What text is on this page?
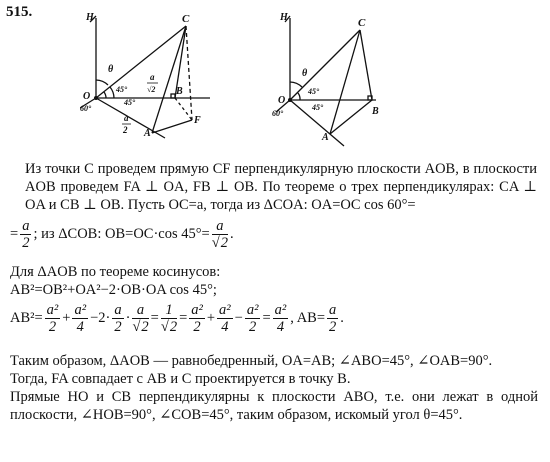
515.	H	C
O	B
A
F
θ
a
√2
a
2
45°
45°
60°
H	C
O
B
A
θ
45°
45°
60°
Из точки C проведем прямую CF перпендикулярную плоскости AOB, в плоскости AOB проведем FA ⊥ OA, FB ⊥ OB. По теореме о трех перпендикулярах: CA ⊥ OA и CB ⊥ OB. Пусть OC=a, тогда из ΔCOA: OA=OC cos 60°=
= $\frac{a}{2}$ ; из ΔCOB: OB=OC·cos $45^\circ= \frac{a}{√2}$ .
Для ΔAOB по теореме косинусов:
AB²=OB²+OA²−2·OB·OA cos 45°;
$AB^2= \frac{\text{a²}}{2} + \frac{\text{a²}}{4} -2\cdot \frac{a}{2} \cdot \frac{a}{√2} = \frac{1}{√2} = \frac{\text{a²}}{2} + \frac{\text{a²}}{4} - \frac{\text{a²}}{2} = \frac{\text{a²}}{4}$ , $AB= \frac{a}{2}$ .
Таким образом, ΔAOB — равнобедренный, OA=AB; ∠ABO=45°, ∠OAB=90°.
Тогда, FA совпадает с AB и C проектируется в точку B.
Прямые HO и CB перпендикулярны к плоскости ABO, т.е. они лежат в одной плоскости, ∠HOB=90°, ∠COB=45°, таким образом, искомый угол θ=45°.
